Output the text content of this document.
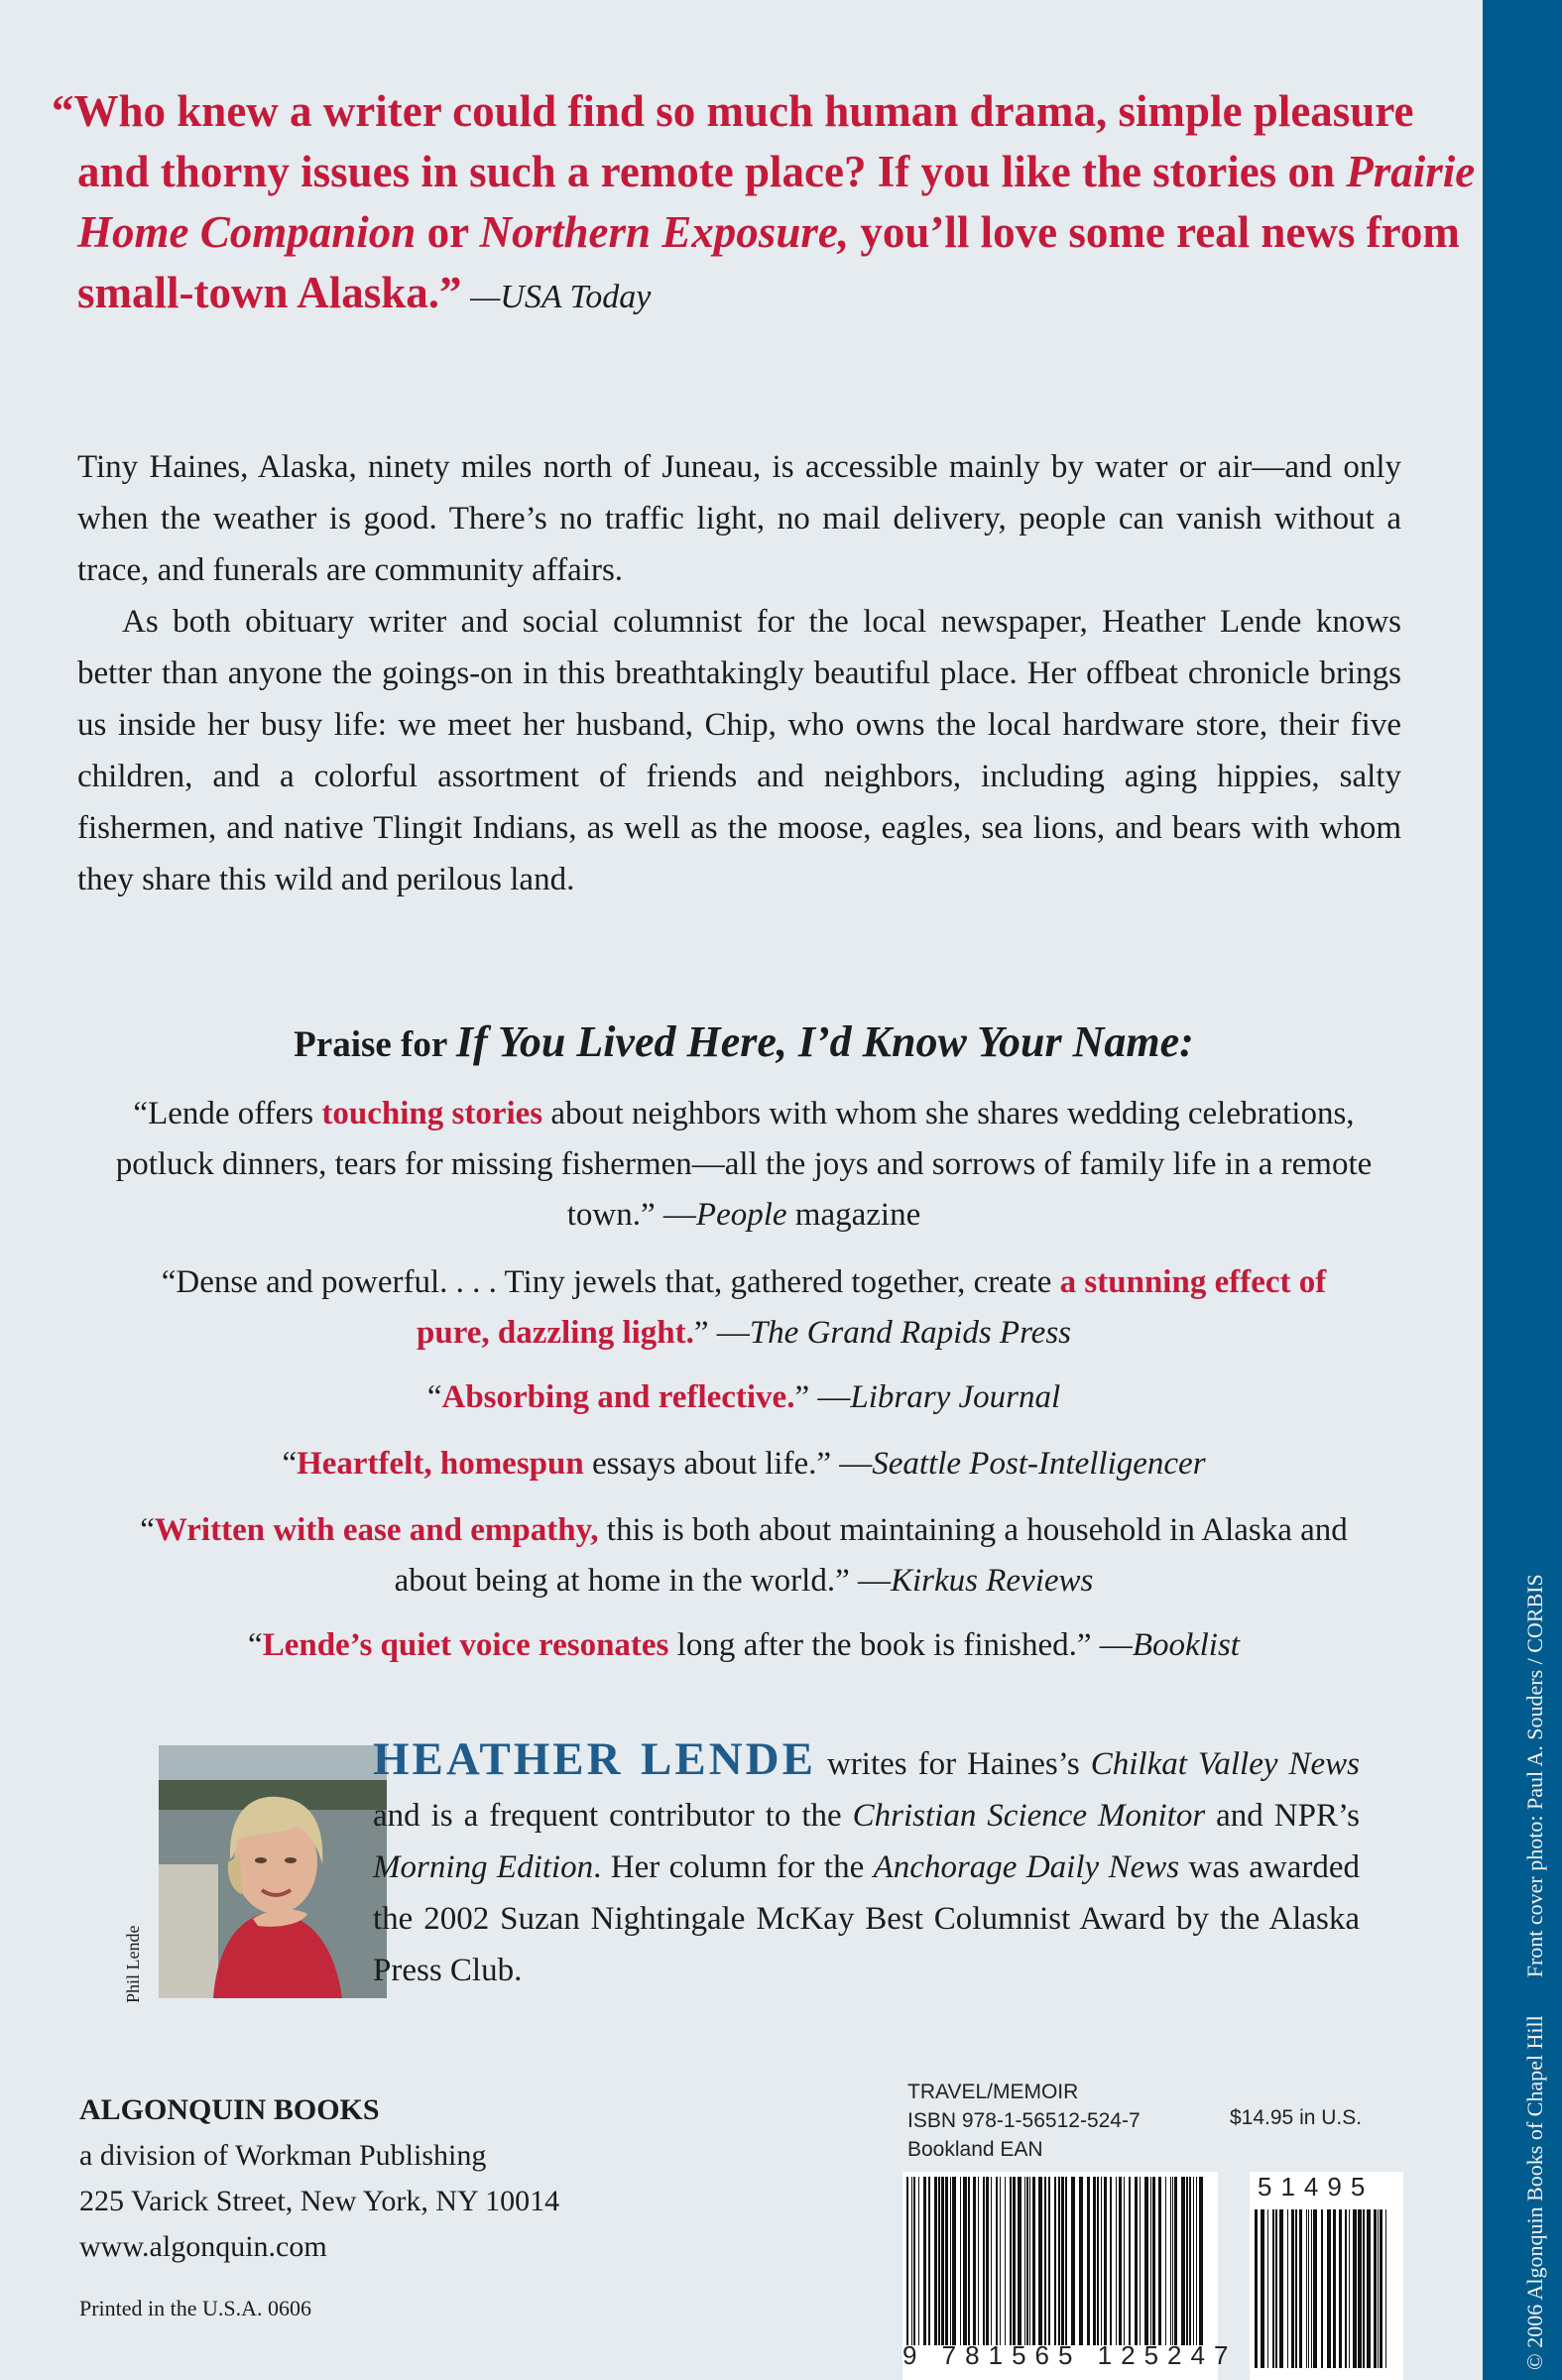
© 2006 Algonquin Books of Chapel HillFront cover photo: Paul A. Souders / CORBIS

“Who knew a writer could find so much human drama, simple pleasure and thorny issues in such a remote place? If you like the stories on Prairie Home Companion or Northern Exposure, you’ll love some real news from small-town Alaska.” —USA Today

Tiny Haines, Alaska, ninety miles north of Juneau, is accessible mainly by water or air—and only when the weather is good. There’s no traffic light, no mail delivery, people can vanish without a trace, and funerals are community affairs.

As both obituary writer and social columnist for the local newspaper, Heather Lende knows better than anyone the goings-on in this breathtakingly beautiful place. Her offbeat chronicle brings us inside her busy life: we meet her husband, Chip, who owns the local hardware store, their five children, and a colorful assortment of friends and neighbors, including aging hippies, salty fishermen, and native Tlingit Indians, as well as the moose, eagles, sea lions, and bears with whom they share this wild and perilous land.

Praise for If You Lived Here, I’d Know Your Name:

“Lende offers touching stories about neighbors with whom she shares wedding celebrations, potluck dinners, tears for missing fishermen—all the joys and sorrows of family life in a remote town.” —People magazine

“Dense and powerful. . . . Tiny jewels that, gathered together, create a stunning effect of pure, dazzling light.” —The Grand Rapids Press

“Absorbing and reflective.” —Library Journal

“Heartfelt, homespun essays about life.” —Seattle Post-Intelligencer

“Written with ease and empathy, this is both about maintaining a household in Alaska and about being at home in the world.” —Kirkus Reviews

“Lende’s quiet voice resonates long after the book is finished.” —Booklist

Phil Lende

HEATHER LENDE writes for Haines’s Chilkat Valley News and is a frequent contributor to the Christian Science Monitor and NPR’s Morning Edition. Her column for the Anchorage Daily News was awarded the 2002 Suzan Nightingale McKay Best Columnist Award by the Alaska Press Club.

ALGONQUIN BOOKS
a division of Workman Publishing
225 Varick Street, New York, NY 10014
www.algonquin.com
Printed in the U.S.A. 0606
TRAVEL/MEMOIR
ISBN 978-1-56512-524-7
Bookland EAN
$14.95 in U.S.
9 781565 125247
51495
